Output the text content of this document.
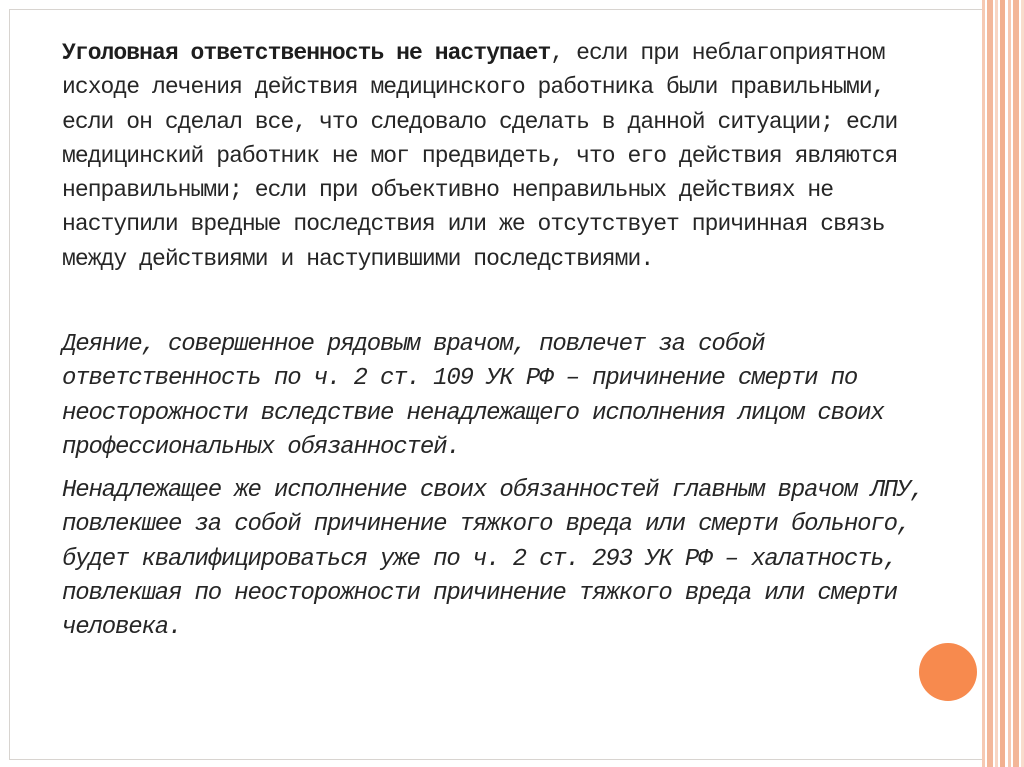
Уголовная ответственность не наступает, если при неблагоприятном исходе лечения действия медицинского работника были правильными, если он сделал все, что следовало сделать в данной ситуации; если медицинский работник не мог предвидеть, что его действия являются неправильными; если при объективно неправильных действиях не наступили вредные последствия или же отсутствует причинная связь между действиями и наступившими последствиями.

Деяние, совершенное рядовым врачом, повлечет за собой ответственность по ч. 2 ст. 109 УК РФ – причинение смерти по неосторожности вследствие ненадлежащего исполнения лицом своих профессиональных обязанностей.

Ненадлежащее же исполнение своих обязанностей главным врачом ЛПУ, повлекшее за собой причинение тяжкого вреда или смерти больного, будет квалифицироваться уже по ч. 2 ст. 293 УК РФ – халатность, повлекшая по неосторожности причинение тяжкого вреда или смерти человека.
